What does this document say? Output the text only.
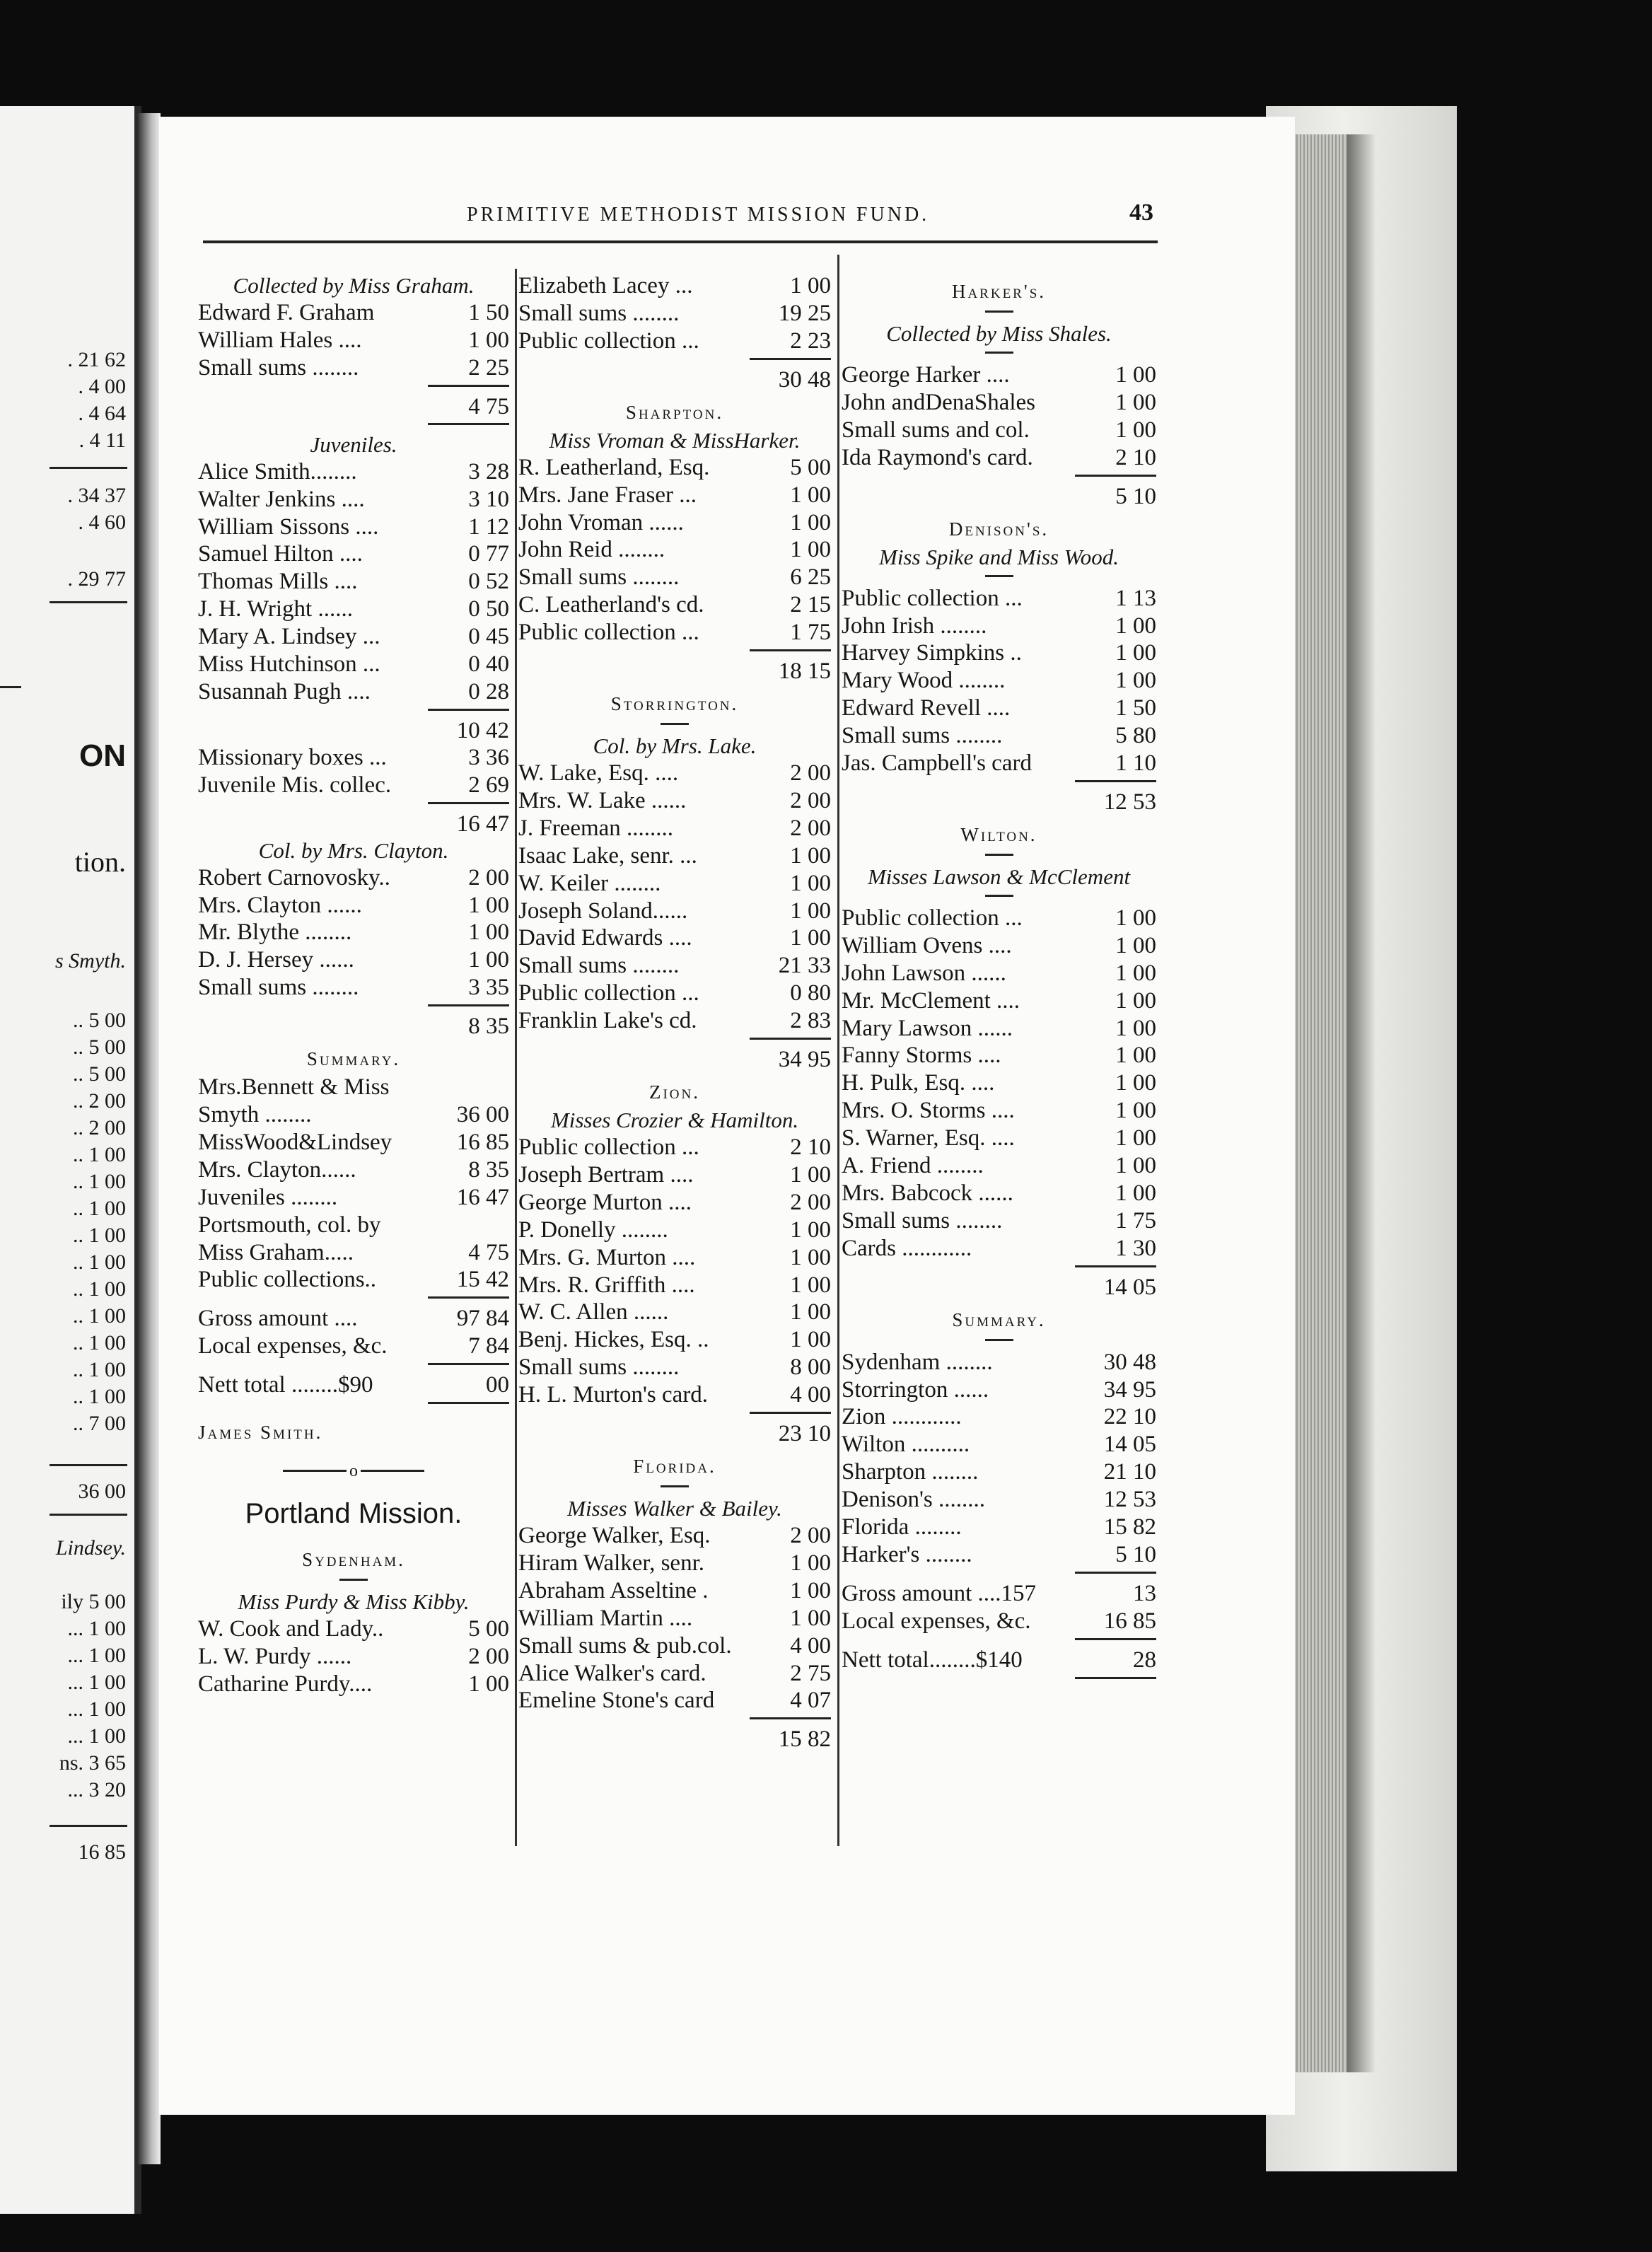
. 21 62
. 4 00
. 4 64
. 4 11
. 34 37
. 4 60
. 29 77
ON
tion.
s Smyth.
.. 5 00
.. 5 00
.. 5 00
.. 2 00
.. 2 00
.. 1 00
.. 1 00
.. 1 00
.. 1 00
.. 1 00
.. 1 00
.. 1 00
.. 1 00
.. 1 00
.. 1 00
.. 7 00
36 00
Lindsey.
ily 5 00
... 1 00
... 1 00
... 1 00
... 1 00
... 1 00
ns. 3 65
... 3 20
16 85
PRIMITIVE METHODIST MISSION FUND.	43
Collected by Miss Graham.
Edward F. Graham	1 50
William Hales ....	1 00
Small sums ........	2 25
4 75
Juveniles.
Alice Smith........	3 28
Walter Jenkins ....	3 10
William Sissons ....	1 12
Samuel Hilton ....	0 77
Thomas Mills ....	0 52
J. H. Wright ......	0 50
Mary A. Lindsey ...	0 45
Miss Hutchinson ...	0 40
Susannah Pugh ....	0 28
10 42
Missionary boxes ...	3 36
Juvenile Mis. collec.	2 69
16 47
Col. by Mrs. Clayton.
Robert Carnovosky..	2 00
Mrs. Clayton ......	1 00
Mr. Blythe ........	1 00
D. J. Hersey ......	1 00
Small sums ........	3 35
8 35
Summary.
Mrs.Bennett & Miss
Smyth ........	36 00
MissWood&Lindsey	16 85
Mrs. Clayton......	8 35
Juveniles ........	16 47
Portsmouth, col. by
Miss Graham.....	4 75
Public collections..	15 42
Gross amount ....	97 84
Local expenses, &c.	7 84
Nett total ........$90	00
James Smith.
o
Portland Mission.
Sydenham.
Miss Purdy & Miss Kibby.
W. Cook and Lady..	5 00
L. W. Purdy ......	2 00
Catharine Purdy....	1 00
Elizabeth Lacey ...	1 00
Small sums ........	19 25
Public collection ...	2 23
30 48
Sharpton.
Miss Vroman & MissHarker.
R. Leatherland, Esq.	5 00
Mrs. Jane Fraser ...	1 00
John Vroman ......	1 00
John Reid ........	1 00
Small sums ........	6 25
C. Leatherland's cd.	2 15
Public collection ...	1 75
18 15
Storrington.
Col. by Mrs. Lake.
W. Lake, Esq. ....	2 00
Mrs. W. Lake ......	2 00
J. Freeman ........	2 00
Isaac Lake, senr. ...	1 00
W. Keiler ........	1 00
Joseph Soland......	1 00
David Edwards ....	1 00
Small sums ........	21 33
Public collection ...	0 80
Franklin Lake's cd.	2 83
34 95
Zion.
Misses Crozier & Hamilton.
Public collection ...	2 10
Joseph Bertram ....	1 00
George Murton ....	2 00
P. Donelly ........	1 00
Mrs. G. Murton ....	1 00
Mrs. R. Griffith ....	1 00
W. C. Allen ......	1 00
Benj. Hickes, Esq. ..	1 00
Small sums ........	8 00
H. L. Murton's card.	4 00
23 10
Florida.
Misses Walker & Bailey.
George Walker, Esq.	2 00
Hiram Walker, senr.	1 00
Abraham Asseltine .	1 00
William Martin ....	1 00
Small sums & pub.col.	4 00
Alice Walker's card.	2 75
Emeline Stone's card	4 07
15 82
Harker's.
Collected by Miss Shales.
George Harker ....	1 00
John andDenaShales	1 00
Small sums and col.	1 00
Ida Raymond's card.	2 10
5 10
Denison's.
Miss Spike and Miss Wood.
Public collection ...	1 13
John Irish ........	1 00
Harvey Simpkins ..	1 00
Mary Wood ........	1 00
Edward Revell ....	1 50
Small sums ........	5 80
Jas. Campbell's card	1 10
12 53
Wilton.
Misses Lawson & McClement
Public collection ...	1 00
William Ovens ....	1 00
John Lawson ......	1 00
Mr. McClement ....	1 00
Mary Lawson ......	1 00
Fanny Storms ....	1 00
H. Pulk, Esq. ....	1 00
Mrs. O. Storms ....	1 00
S. Warner, Esq. ....	1 00
A. Friend ........	1 00
Mrs. Babcock ......	1 00
Small sums ........	1 75
Cards ............	1 30
14 05
Summary.
Sydenham ........	30 48
Storrington ......	34 95
Zion ............	22 10
Wilton ..........	14 05
Sharpton ........	21 10
Denison's ........	12 53
Florida ........	15 82
Harker's ........	5 10
Gross amount ....157	13
Local expenses, &c.	16 85
Nett total........$140	28
